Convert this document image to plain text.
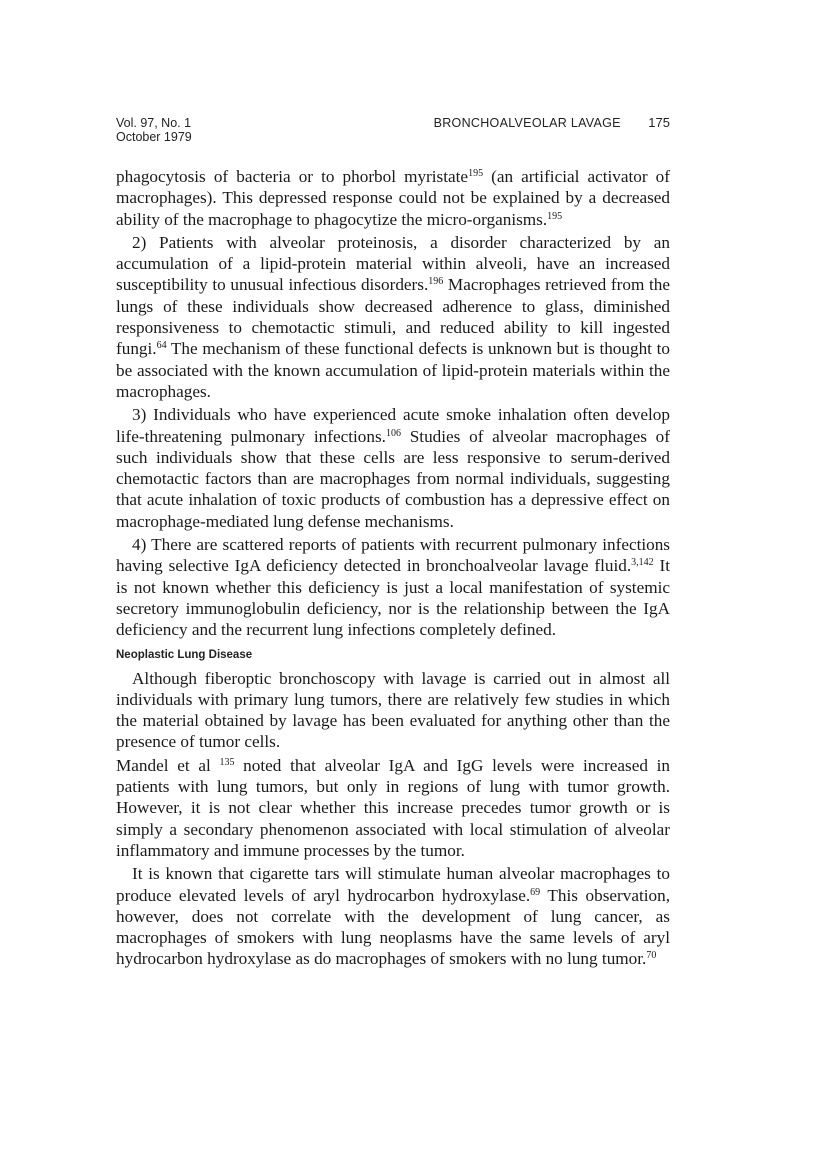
Vol. 97, No. 1
October 1979
BRONCHOALVEOLAR LAVAGE 175

phagocytosis of bacteria or to phorbol myristate$^{195}$ (an artificial activator of macrophages). This depressed response could not be explained by a decreased ability of the macrophage to phagocytize the micro-organisms.$^{195}$

2) Patients with alveolar proteinosis, a disorder characterized by an accumulation of a lipid-protein material within alveoli, have an increased susceptibility to unusual infectious disorders.$^{196}$ Macrophages retrieved from the lungs of these individuals show decreased adherence to glass, diminished responsiveness to chemotactic stimuli, and reduced ability to kill ingested fungi.$^{64}$ The mechanism of these functional defects is unknown but is thought to be associated with the known accumulation of lipid-protein materials within the macrophages.

3) Individuals who have experienced acute smoke inhalation often develop life-threatening pulmonary infections.$^{106}$ Studies of alveolar macrophages of such individuals show that these cells are less responsive to serum-derived chemotactic factors than are macrophages from normal individuals, suggesting that acute inhalation of toxic products of combustion has a depressive effect on macrophage-mediated lung defense mechanisms.

4) There are scattered reports of patients with recurrent pulmonary infections having selective IgA deficiency detected in bronchoalveolar lavage fluid.$^{3,142}$ It is not known whether this deficiency is just a local manifestation of systemic secretory immunoglobulin deficiency, nor is the relationship between the IgA deficiency and the recurrent lung infections completely defined.

Neoplastic Lung Disease

Although fiberoptic bronchoscopy with lavage is carried out in almost all individuals with primary lung tumors, there are relatively few studies in which the material obtained by lavage has been evaluated for anything other than the presence of tumor cells.

Mandel et al $^{135}$ noted that alveolar IgA and IgG levels were increased in patients with lung tumors, but only in regions of lung with tumor growth. However, it is not clear whether this increase precedes tumor growth or is simply a secondary phenomenon associated with local stimulation of alveolar inflammatory and immune processes by the tumor.

It is known that cigarette tars will stimulate human alveolar macrophages to produce elevated levels of aryl hydrocarbon hydroxylase.$^{69}$ This observation, however, does not correlate with the development of lung cancer, as macrophages of smokers with lung neoplasms have the same levels of aryl hydrocarbon hydroxylase as do macrophages of smokers with no lung tumor.$^{70}$
